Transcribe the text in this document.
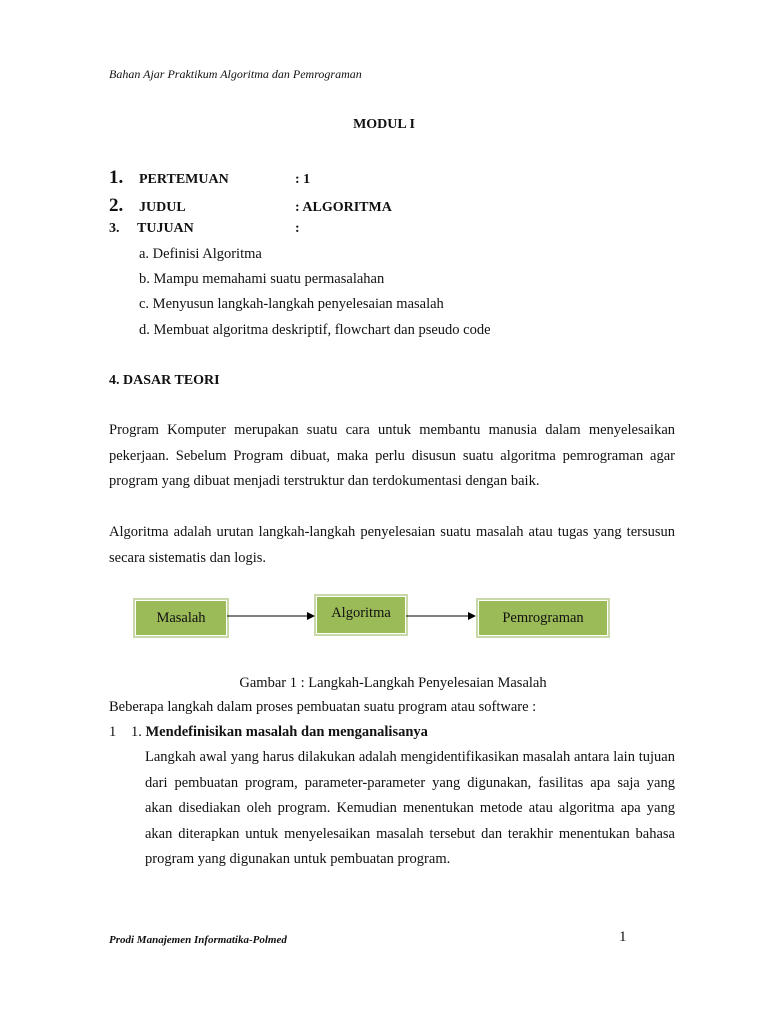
Bahan Ajar Praktikum Algoritma dan Pemrograman
MODUL I
1.	PERTEMUAN	: 1
2.	JUDUL	: ALGORITMA
3.	TUJUAN	:
a. Definisi Algoritma
b. Mampu memahami suatu permasalahan
c. Menyusun langkah-langkah penyelesaian masalah
d. Membuat algoritma deskriptif, flowchart dan pseudo code
4. DASAR TEORI
Program Komputer merupakan suatu cara untuk membantu manusia dalam menyelesaikan pekerjaan. Sebelum Program dibuat, maka perlu disusun suatu algoritma pemrograman agar program yang dibuat menjadi terstruktur dan terdokumentasi dengan baik.
Algoritma adalah urutan langkah-langkah penyelesaian suatu masalah atau tugas yang tersusun secara sistematis dan logis.
Masalah	Algoritma	Pemrograman
Gambar 1 : Langkah-Langkah Penyelesaian Masalah
Beberapa langkah dalam proses pembuatan suatu program atau software :
1 1. Mendefinisikan masalah dan menganalisanya
Langkah awal yang harus dilakukan adalah mengidentifikasikan masalah antara lain tujuan dari pembuatan program, parameter-parameter yang digunakan, fasilitas apa saja yang akan disediakan oleh program. Kemudian menentukan metode atau algoritma apa yang akan diterapkan untuk menyelesaikan masalah tersebut dan terakhir menentukan bahasa program yang digunakan untuk pembuatan program.
Prodi Manajemen Informatika-Polmed	1
